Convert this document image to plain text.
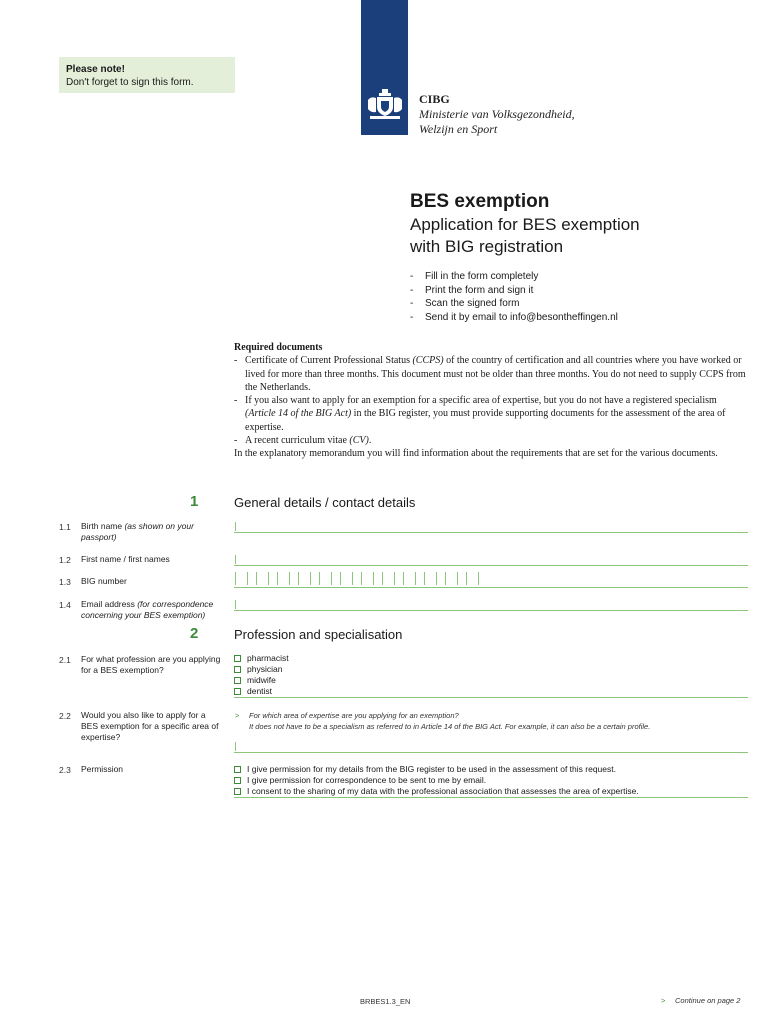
Please note!
Don't forget to sign this form.
CIBG
Ministerie van Volksgezondheid,
Welzijn en Sport
BES exemption
Application for BES exemption
with BIG registration
- Fill in the form completely
- Print the form and sign it
- Scan the signed form
- Send it by email to info@besontheffingen.nl
Required documents
- Certificate of Current Professional Status (CCPS) of the country of certification and all countries where you have worked or lived for more than three months. This document must not be older than three months. You do not need to supply CCPS from the Netherlands.
- If you also want to apply for an exemption for a specific area of expertise, but you do not have a registered specialism (Article 14 of the BIG Act) in the BIG register, you must provide supporting documents for the assessment of the area of expertise.
- A recent curriculum vitae (CV).
In the explanatory memorandum you will find information about the requirements that are set for the various documents.
1	General details / contact details
1.1 Birth name (as shown on your passport)
1.2 First name / first names
1.3 BIG number
1.4 Email address (for correspondence concerning your BES exemption)
2	Profession and specialisation
2.1 For what profession are you applying for a BES exemption?
pharmacist
physician
midwife
dentist
2.2 Would you also like to apply for a BES exemption for a specific area of expertise?
> For which area of expertise are you applying for an exemption?
It does not have to be a specialism as referred to in Article 14 of the BIG Act. For example, it can also be a certain profile.
2.3 Permission	I give permission for my details from the BIG register to be used in the assessment of this request.
I give permission for correspondence to be sent to me by email.
I consent to the sharing of my data with the professional association that assesses the area of expertise.
BRBES1.3_EN	> Continue on page 2
